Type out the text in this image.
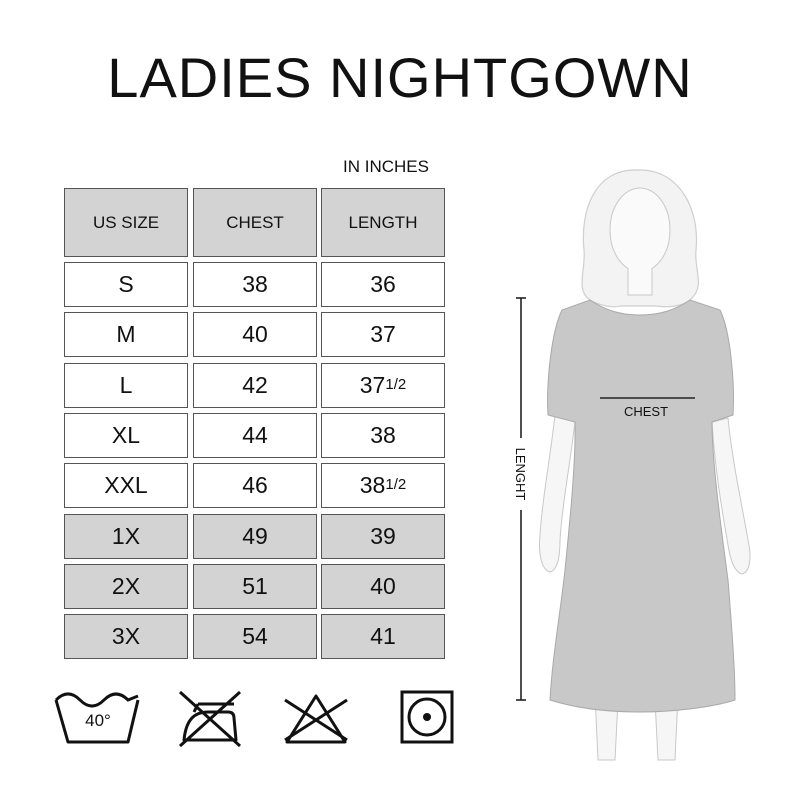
LADIES NIGHTGOWN
IN INCHES
US SIZE	CHEST	LENGTH
S	38	36
M	40	37
L	42	37 1/2
XL	44	38
XXL	46	38 1/2
1X	49	39
2X	51	40
3X	54	41
CHEST
LENGHT
40°
